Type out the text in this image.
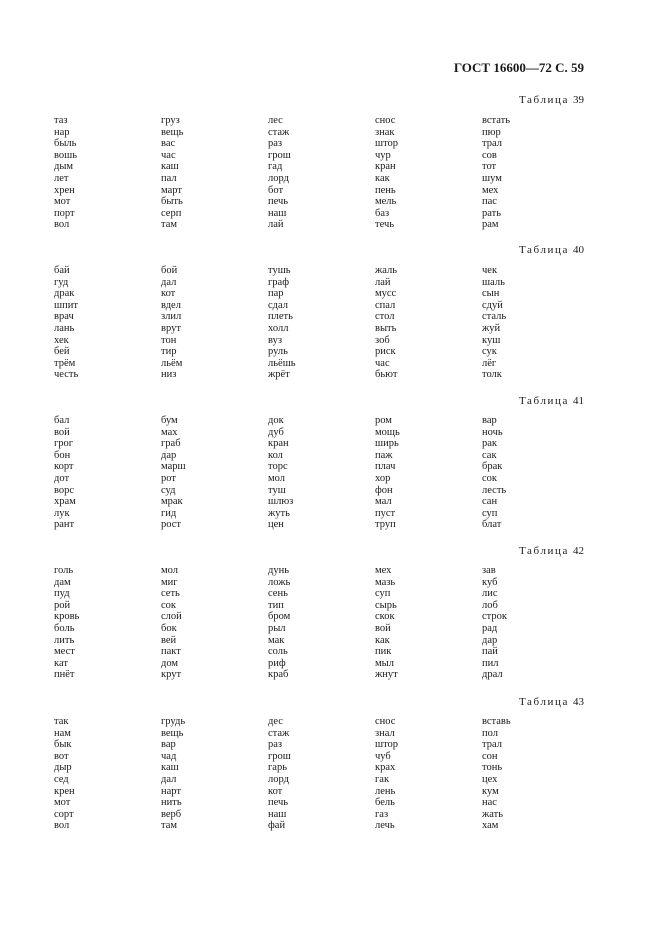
ГОСТ 16600—72 С. 59
Таблица 39
таз	груз	лес	снос	встать
нар	вещь	стаж	знак	пюр
быль	вас	раз	штор	трал
вошь	час	грош	чур	сов
дым	каш	гад	кран	тот
лет	пал	лорд	как	шум
хрен	март	бот	пень	мех
мот	быть	печь	мель	пас
порт	серп	наш	баз	рать
вол	там	лай	течь	рам
Таблица 40
бай	бой	тушь	жаль	чек
гуд	дал	граф	лай	шаль
драк	кот	пар	мусс	сын
шпит	вдел	сдал	спал	сдуй
врач	злил	плеть	стол	сталь
лань	врут	холл	выть	жуй
хек	тон	вуз	зоб	куш
бей	тир	руль	риск	сук
трём	льём	льёшь	час	лёг
честь	низ	жрёт	бьют	толк
Таблица 41
бал	бум	док	ром	вар
вой	мах	дуб	мощь	ночь
грог	граб	кран	ширь	рак
бон	дар	кол	паж	сак
корт	марш	торс	плач	брак
дот	рот	мол	хор	сок
ворс	суд	туш	фон	лесть
храм	мрак	шлюз	мал	сан
лук	гид	жуть	пуст	суп
рант	рост	цен	труп	блат
Таблица 42
голь	мол	дунь	мех	зав
дам	миг	ложь	мазь	куб
пуд	сеть	сень	суп	лис
рой	сок	тип	сырь	лоб
кровь	слой	бром	скок	строк
боль	бок	рыл	вой	рад
лить	вей	мак	как	дар
мест	пакт	соль	пик	пай
кат	дом	риф	мыл	пил
пнёт	крут	краб	жнут	драл
Таблица 43
так	грудь	дес	снос	вставь
нам	вещь	стаж	знал	пол
бык	вар	раз	штор	трал
вот	чад	грош	чуб	сон
дыр	каш	гарь	крах	тонь
сед	дал	лорд	гак	цех
крен	нарт	кот	лень	кум
мот	нить	печь	бель	нас
сорт	верб	наш	газ	жать
вол	там	фай	лечь	хам
